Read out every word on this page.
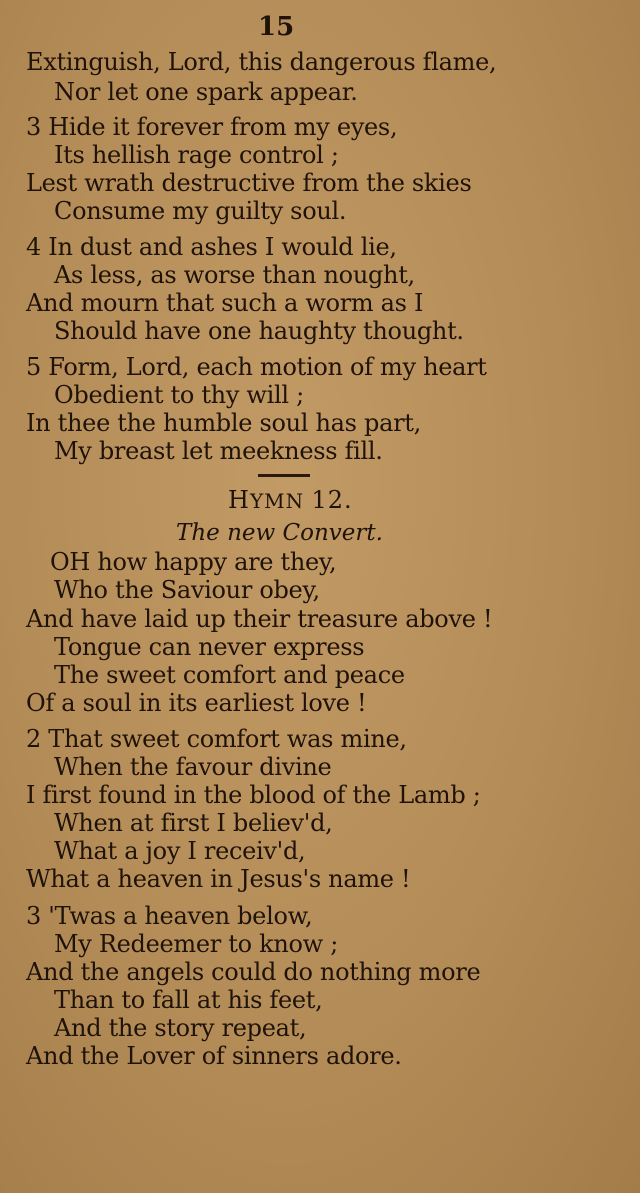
15
Extinguish, Lord, this dangerous flame,
Nor let one spark appear.
3 Hide it forever from my eyes,
Its hellish rage control ;
Lest wrath destructive from the skies
Consume my guilty soul.
4 In dust and ashes I would lie,
As less, as worse than nought,
And mourn that such a worm as I
Should have one haughty thought.
5 Form, Lord, each motion of my heart
Obedient to thy will ;
In thee the humble soul has part,
My breast let meekness fill.
HYMN 12.
The new Convert.
OH how happy are they,
Who the Saviour obey,
And have laid up their treasure above !
Tongue can never express
The sweet comfort and peace
Of a soul in its earliest love !
2 That sweet comfort was mine,
When the favour divine
I first found in the blood of the Lamb ;
When at first I believ'd,
What a joy I receiv'd,
What a heaven in Jesus's name !
3 'Twas a heaven below,
My Redeemer to know ;
And the angels could do nothing more
Than to fall at his feet,
And the story repeat,
And the Lover of sinners adore.
